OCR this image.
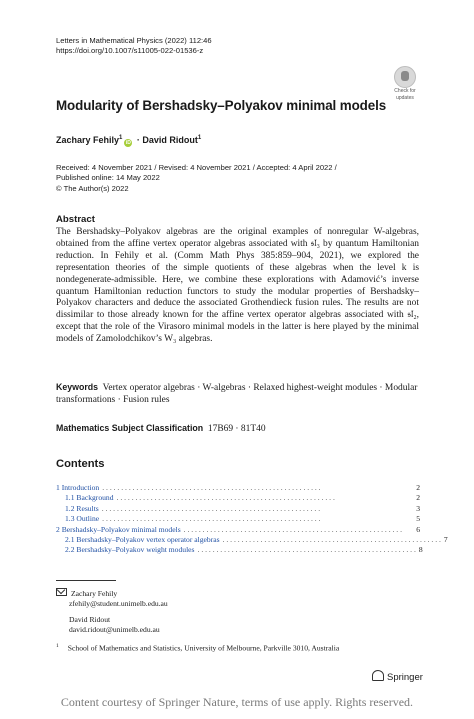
Letters in Mathematical Physics (2022) 112:46
https://doi.org/10.1007/s11005-022-01536-z
Check for
updates
Modularity of Bershadsky–Polyakov minimal models
Zachary Fehily$^1$iD · David Ridout$^1$
Received: 4 November 2021 / Revised: 4 November 2021 / Accepted: 4 April 2022 /
Published online: 14 May 2022
© The Author(s) 2022
Abstract
The Bershadsky–Polyakov algebras are the original examples of nonregular W-algebras, obtained from the affine vertex operator algebras associated with 𝔰𝔩₃ by quantum Hamiltonian reduction. In Fehily et al. (Comm Math Phys 385:859–904, 2021), we explored the representation theories of the simple quotients of these algebras when the level k is nondegenerate-admissible. Here, we combine these explorations with Adamović’s inverse quantum Hamiltonian reduction functors to study the modular properties of Bershadsky–Polyakov characters and deduce the associated Grothendieck fusion rules. The results are not dissimilar to those already known for the affine vertex operator algebras associated with 𝔰𝔩₂, except that the role of the Virasoro minimal models in the latter is here played by the minimal models of Zamolodchikov’s W₃ algebras.
Keywords Vertex operator algebras · W-algebras · Relaxed highest-weight modules · Modular transformations · Fusion rules
Mathematics Subject Classification 17B69 · 81T40
Contents
1 Introduction . . . . . . . . . . . . . . . . . . . . . . . . . . . . . . . . . . . . . . . . . . . . . . . . . . . . . . . . . .	2
1.1 Background . . . . . . . . . . . . . . . . . . . . . . . . . . . . . . . . . . . . . . . . . . . . . . . . . . . . . . . . . .	2
1.2 Results . . . . . . . . . . . . . . . . . . . . . . . . . . . . . . . . . . . . . . . . . . . . . . . . . . . . . . . . . .	3
1.3 Outline . . . . . . . . . . . . . . . . . . . . . . . . . . . . . . . . . . . . . . . . . . . . . . . . . . . . . . . . . .	5
2 Bershadsky–Polyakov minimal models . . . . . . . . . . . . . . . . . . . . . . . . . . . . . . . . . . . . . . . . . . . . . . . . . . . . . . . . . .	6
2.1 Bershadsky–Polyakov vertex operator algebras . . . . . . . . . . . . . . . . . . . . . . . . . . . . . . . . . . . . . . . . . . . . . . . . . . . . . . . . . . 7
2.2 Bershadsky–Polyakov weight modules . . . . . . . . . . . . . . . . . . . . . . . . . . . . . . . . . . . . . . . . . . . . . . . . . . . . . . . . . . 8
Zachary Fehily
zfehily@student.unimelb.edu.au
David Ridout
david.ridout@unimelb.edu.au
$^1$ School of Mathematics and Statistics, University of Melbourne, Parkville 3010, Australia
Springer
Content courtesy of Springer Nature, terms of use apply. Rights reserved.
